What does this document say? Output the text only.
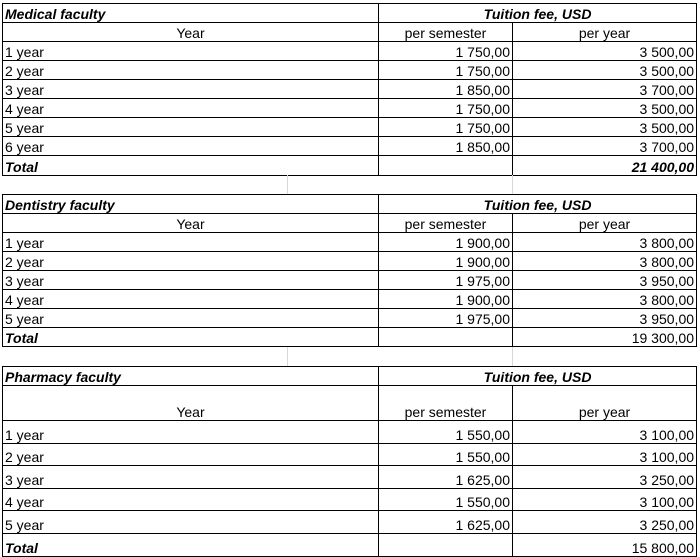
Medical faculty	Tuition fee, USD	
Year	per semester	per year
1 year	1 750,00	3 500,00
2 year	1 750,00	3 500,00
3 year	1 850,00	3 700,00
4 year	1 750,00	3 500,00
5 year	1 750,00	3 500,00
6 year	1 850,00	3 700,00
Total		21 400,00
Dentistry faculty	Tuition fee, USD	
Year	per semester	per year
1 year	1 900,00	3 800,00
2 year	1 900,00	3 800,00
3 year	1 975,00	3 950,00
4 year	1 900,00	3 800,00
5 year	1 975,00	3 950,00
Total		19 300,00
Pharmacy faculty	Tuition fee, USD	
Year	per semester	per year
1 year	1 550,00	3 100,00
2 year	1 550,00	3 100,00
3 year	1 625,00	3 250,00
4 year	1 550,00	3 100,00
5 year	1 625,00	3 250,00
Total		15 800,00
